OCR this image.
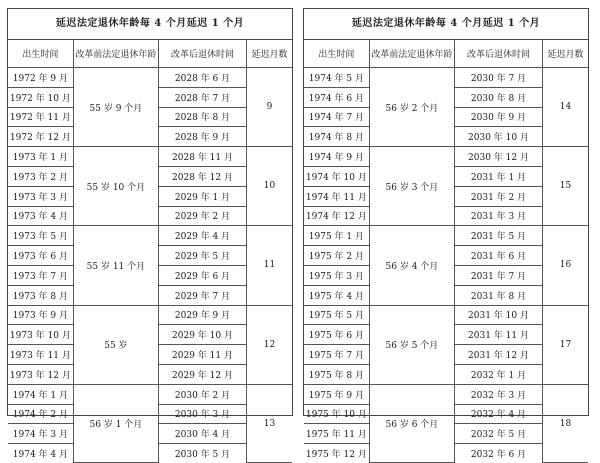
延迟法定退休年龄每 4 个月延迟 1 个月
出生时间	改革前法定退休年龄	改革后退休时间	延迟月数
1972 年 9 月	55 岁 9 个月	2028 年 6 月	9
1972 年 10 月		2028 年 7 月	
1972 年 11 月		2028 年 8 月	
1972 年 12 月		2028 年 9 月	
1973 年 1 月	55 岁 10 个月	2028 年 11 月	10
1973 年 2 月		2028 年 12 月	
1973 年 3 月		2029 年 1 月	
1973 年 4 月		2029 年 2 月	
1973 年 5 月	55 岁 11 个月	2029 年 4 月	11
1973 年 6 月		2029 年 5 月	
1973 年 7 月		2029 年 6 月	
1973 年 8 月		2029 年 7 月	
1973 年 9 月	55 岁	2029 年 9 月	12
1973 年 10 月		2029 年 10 月	
1973 年 11 月		2029 年 11 月	
1973 年 12 月		2029 年 12 月	
1974 年 1 月	56 岁 1 个月	2030 年 2 月	13
1974 年 2 月		2030 年 3 月	
1974 年 3 月		2030 年 4 月	
1974 年 4 月		2030 年 5 月	
延迟法定退休年龄每 4 个月延迟 1 个月
出生时间	改革前法定退休年龄	改革后退休时间	延迟月数
1974 年 5 月	56 岁 2 个月	2030 年 7 月	14
1974 年 6 月		2030 年 8 月	
1974 年 7 月		2030 年 9 月	
1974 年 8 月		2030 年 10 月	
1974 年 9 月	56 岁 3 个月	2030 年 12 月	15
1974 年 10 月		2031 年 1 月	
1974 年 11 月		2031 年 2 月	
1974 年 12 月		2031 年 3 月	
1975 年 1 月	56 岁 4 个月	2031 年 5 月	16
1975 年 2 月		2031 年 6 月	
1975 年 3 月		2031 年 7 月	
1975 年 4 月		2031 年 8 月	
1975 年 5 月	56 岁 5 个月	2031 年 10 月	17
1975 年 6 月		2031 年 11 月	
1975 年 7 月		2031 年 12 月	
1975 年 8 月		2032 年 1 月	
1975 年 9 月	56 岁 6 个月	2032 年 3 月	18
1975 年 10 月		2032 年 4 月	
1975 年 11 月		2032 年 5 月	
1975 年 12 月		2032 年 6 月	
